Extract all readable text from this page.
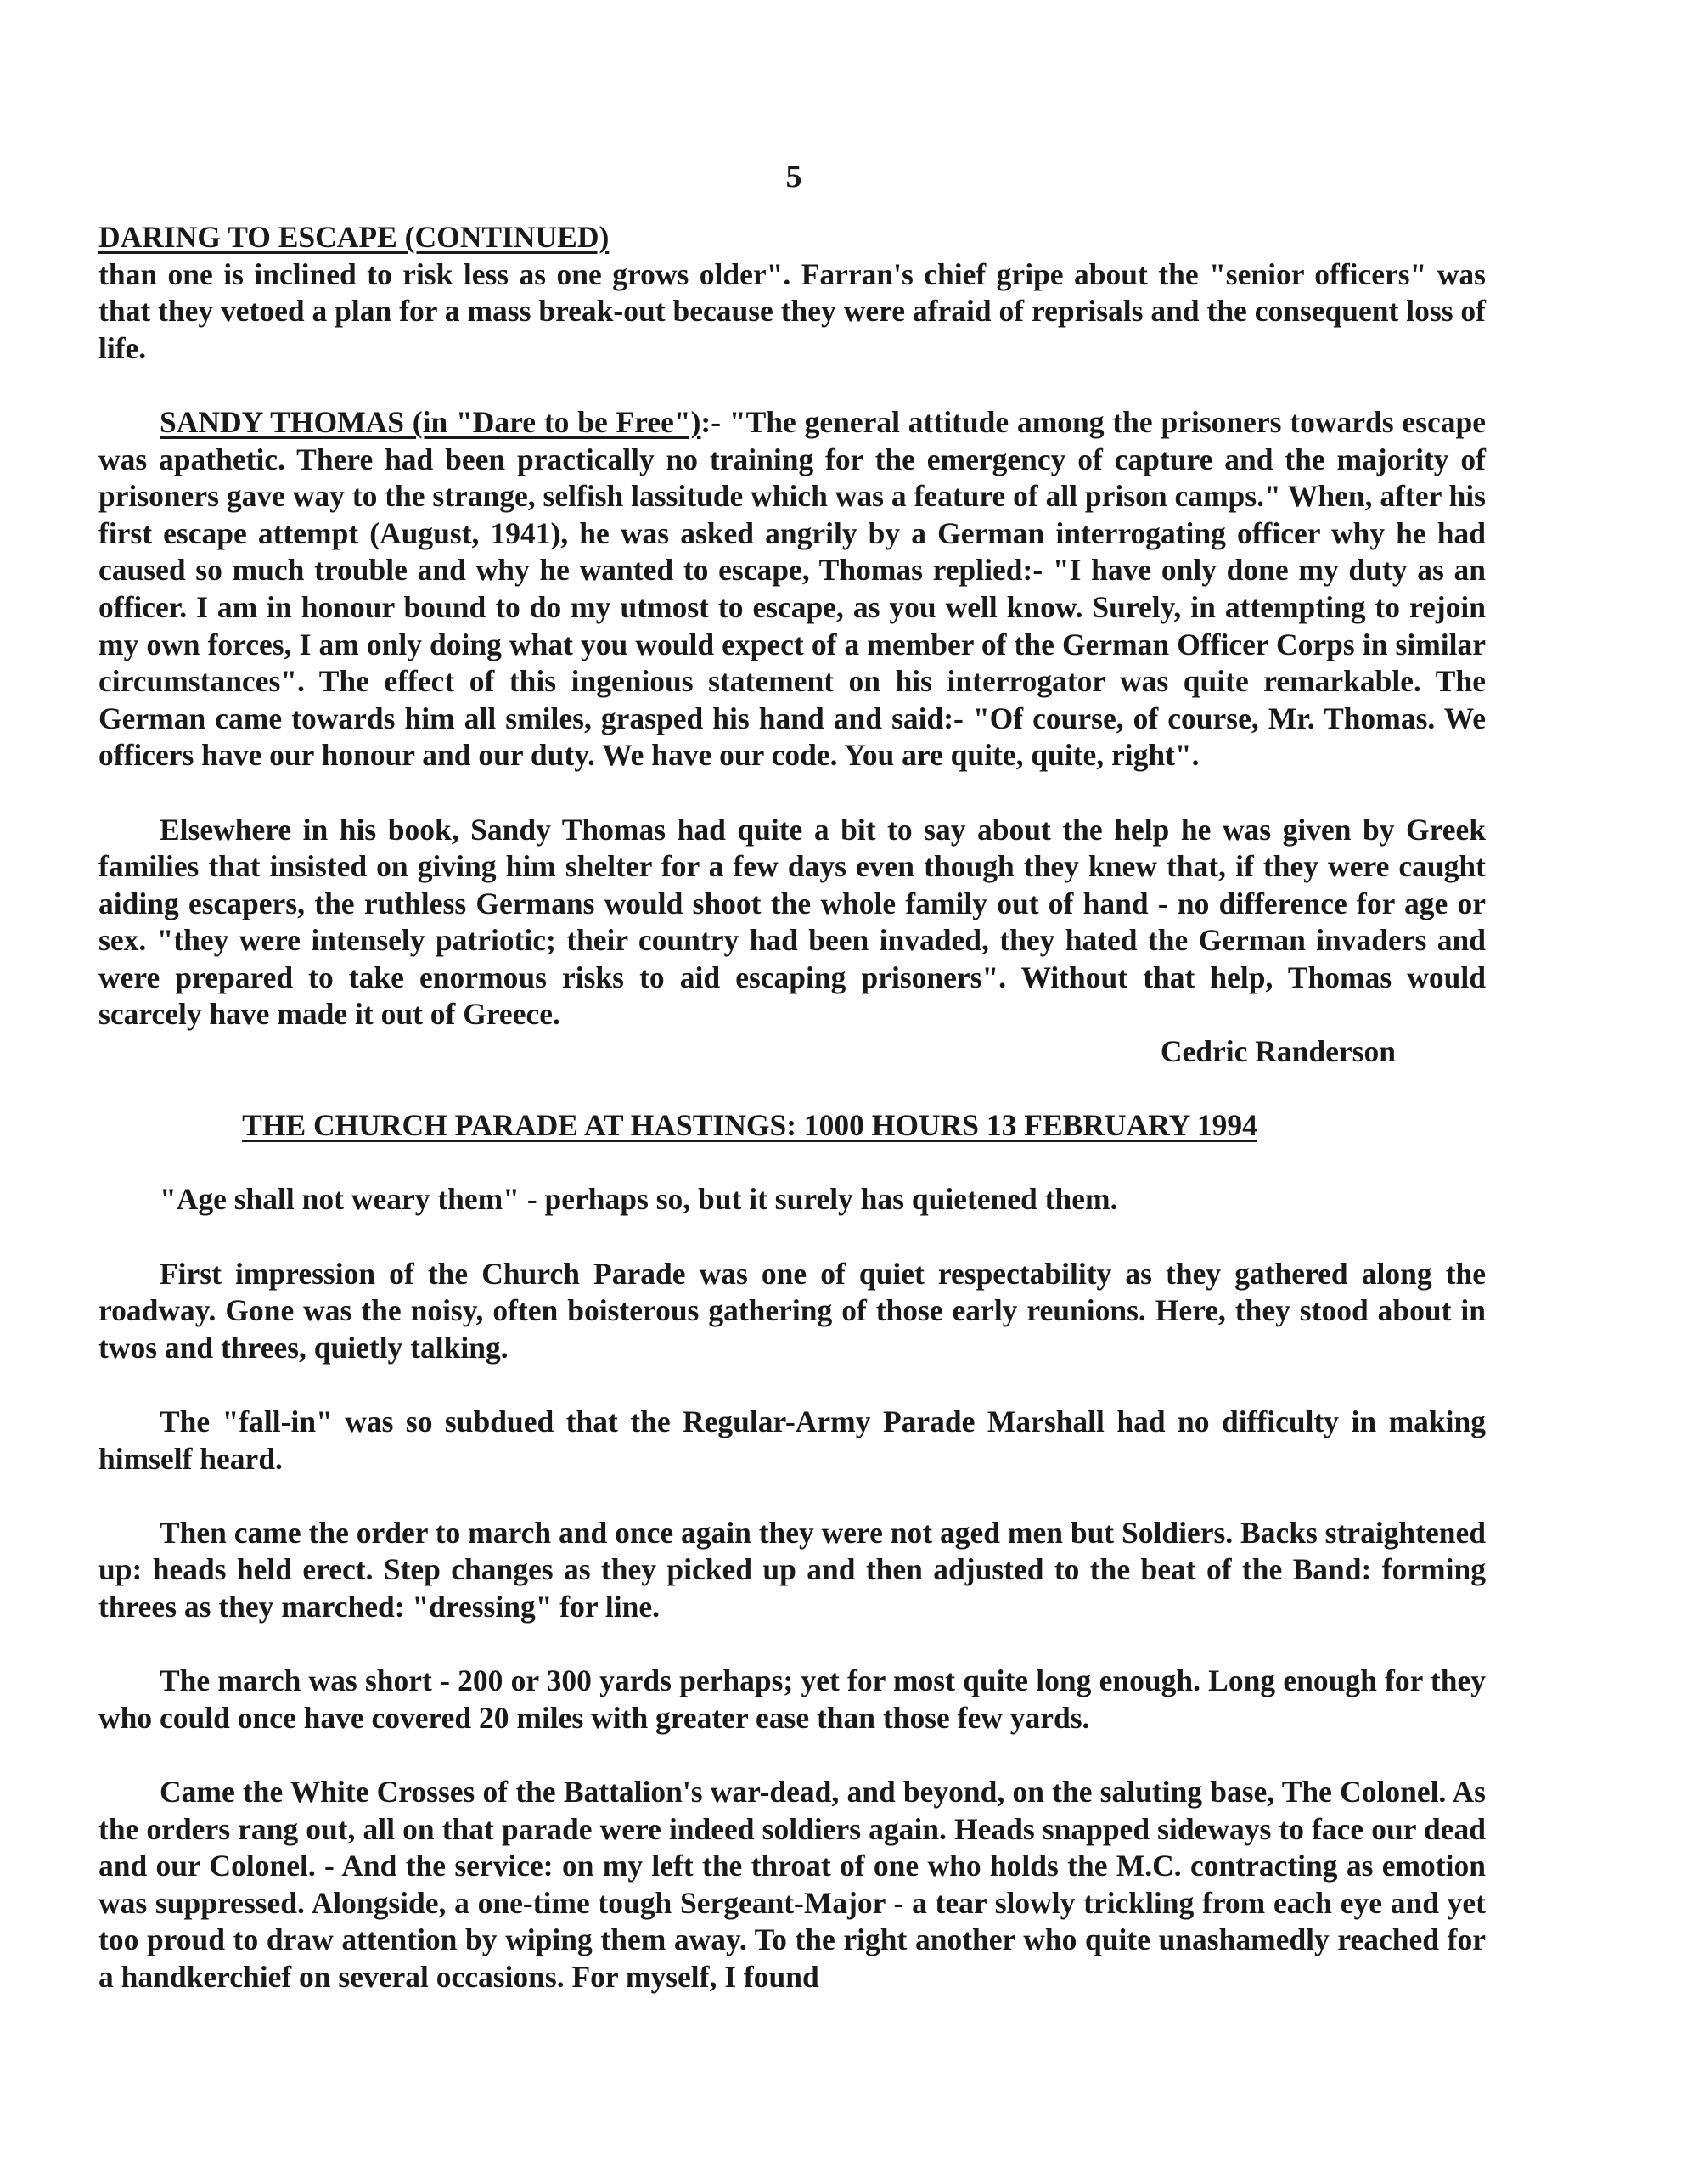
5
DARING TO ESCAPE (CONTINUED)

than one is inclined to risk less as one grows older". Farran's chief gripe about the "senior officers" was that they vetoed a plan for a mass break-out because they were afraid of reprisals and the consequent loss of life.

SANDY THOMAS (in "Dare to be Free"):- "The general attitude among the prisoners towards escape was apathetic. There had been practically no training for the emergency of capture and the majority of prisoners gave way to the strange, selfish lassitude which was a feature of all prison camps." When, after his first escape attempt (August, 1941), he was asked angrily by a German interrogating officer why he had caused so much trouble and why he wanted to escape, Thomas replied:- "I have only done my duty as an officer. I am in honour bound to do my utmost to escape, as you well know. Surely, in attempting to rejoin my own forces, I am only doing what you would expect of a member of the German Officer Corps in similar circumstances". The effect of this ingenious statement on his interrogator was quite remarkable. The German came towards him all smiles, grasped his hand and said:- "Of course, of course, Mr. Thomas. We officers have our honour and our duty. We have our code. You are quite, quite, right".

Elsewhere in his book, Sandy Thomas had quite a bit to say about the help he was given by Greek families that insisted on giving him shelter for a few days even though they knew that, if they were caught aiding escapers, the ruthless Germans would shoot the whole family out of hand - no difference for age or sex. "they were intensely patriotic; their country had been invaded, they hated the German invaders and were prepared to take enormous risks to aid escaping prisoners". Without that help, Thomas would scarcely have made it out of Greece.

Cedric Randerson

THE CHURCH PARADE AT HASTINGS: 1000 HOURS 13 FEBRUARY 1994

"Age shall not weary them" - perhaps so, but it surely has quietened them.

First impression of the Church Parade was one of quiet respectability as they gathered along the roadway. Gone was the noisy, often boisterous gathering of those early reunions. Here, they stood about in twos and threes, quietly talking.

The "fall-in" was so subdued that the Regular-Army Parade Marshall had no difficulty in making himself heard.

Then came the order to march and once again they were not aged men but Soldiers. Backs straightened up: heads held erect. Step changes as they picked up and then adjusted to the beat of the Band: forming threes as they marched: "dressing" for line.

The march was short - 200 or 300 yards perhaps; yet for most quite long enough. Long enough for they who could once have covered 20 miles with greater ease than those few yards.

Came the White Crosses of the Battalion's war-dead, and beyond, on the saluting base, The Colonel. As the orders rang out, all on that parade were indeed soldiers again. Heads snapped sideways to face our dead and our Colonel. - And the service: on my left the throat of one who holds the M.C. contracting as emotion was suppressed. Alongside, a one-time tough Sergeant-Major - a tear slowly trickling from each eye and yet too proud to draw attention by wiping them away. To the right another who quite unashamedly reached for a handkerchief on several occasions. For myself, I found
